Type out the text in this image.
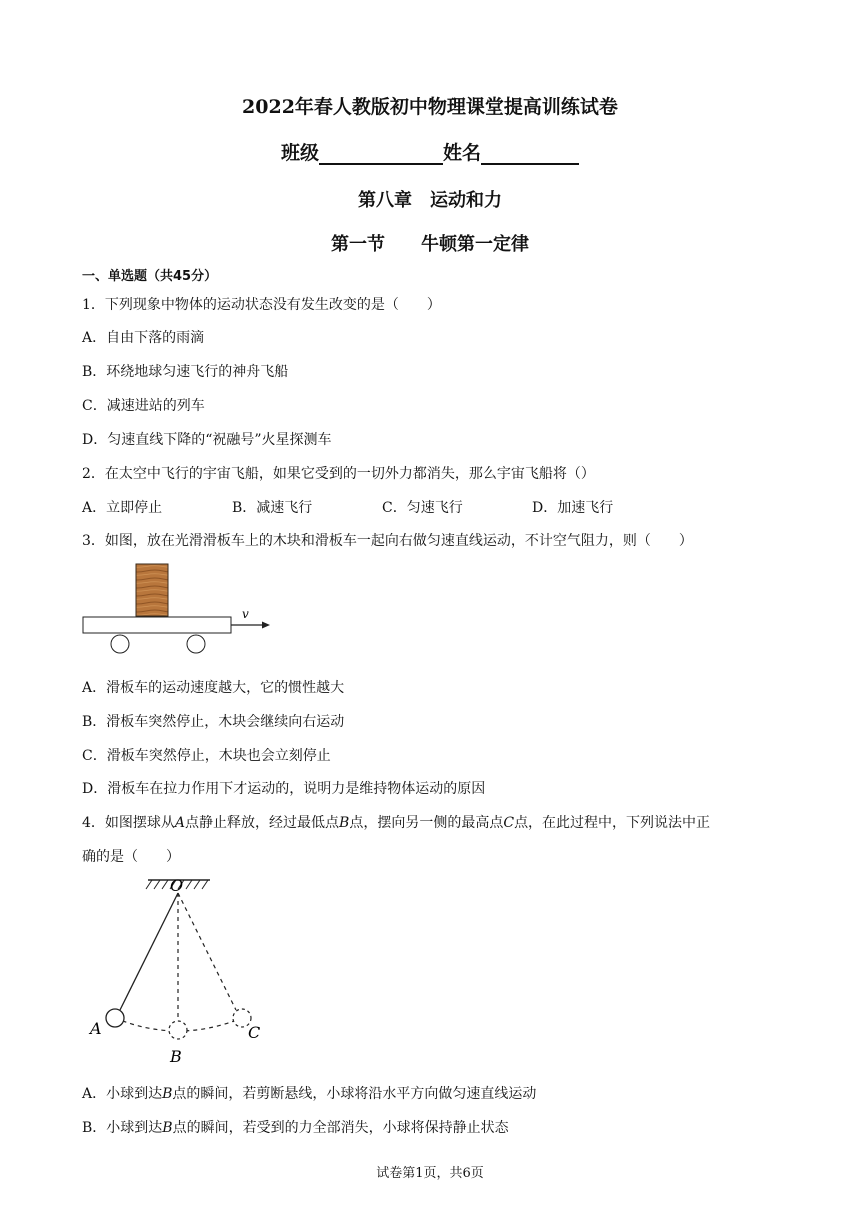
2022年春人教版初中物理课堂提高训练试卷
班级	姓名
第八章　运动和力
第一节　　牛顿第一定律
一、单选题（共45分）
1．下列现象中物体的运动状态没有发生改变的是（　　）
A．自由下落的雨滴
B．环绕地球匀速飞行的神舟飞船
C．减速进站的列车
D．匀速直线下降的“祝融号”火星探测车
2．在太空中飞行的宇宙飞船，如果它受到的一切外力都消失，那么宇宙飞船将（）
A．立即停止	B．减速飞行	C．匀速飞行	D．加速飞行
3．如图，放在光滑滑板车上的木块和滑板车一起向右做匀速直线运动，不计空气阻力，则（　　）
v
A．滑板车的运动速度越大，它的惯性越大
B．滑板车突然停止，木块会继续向右运动
C．滑板车突然停止，木块也会立刻停止
D．滑板车在拉力作用下才运动的，说明力是维持物体运动的原因
4．如图摆球从A点静止释放，经过最低点B点，摆向另一侧的最高点C点，在此过程中，下列说法中正
确的是（　　）
O
A
B
C
A．小球到达B点的瞬间，若剪断悬线，小球将沿水平方向做匀速直线运动
B．小球到达B点的瞬间，若受到的力全部消失，小球将保持静止状态
试卷第1页，共6页
